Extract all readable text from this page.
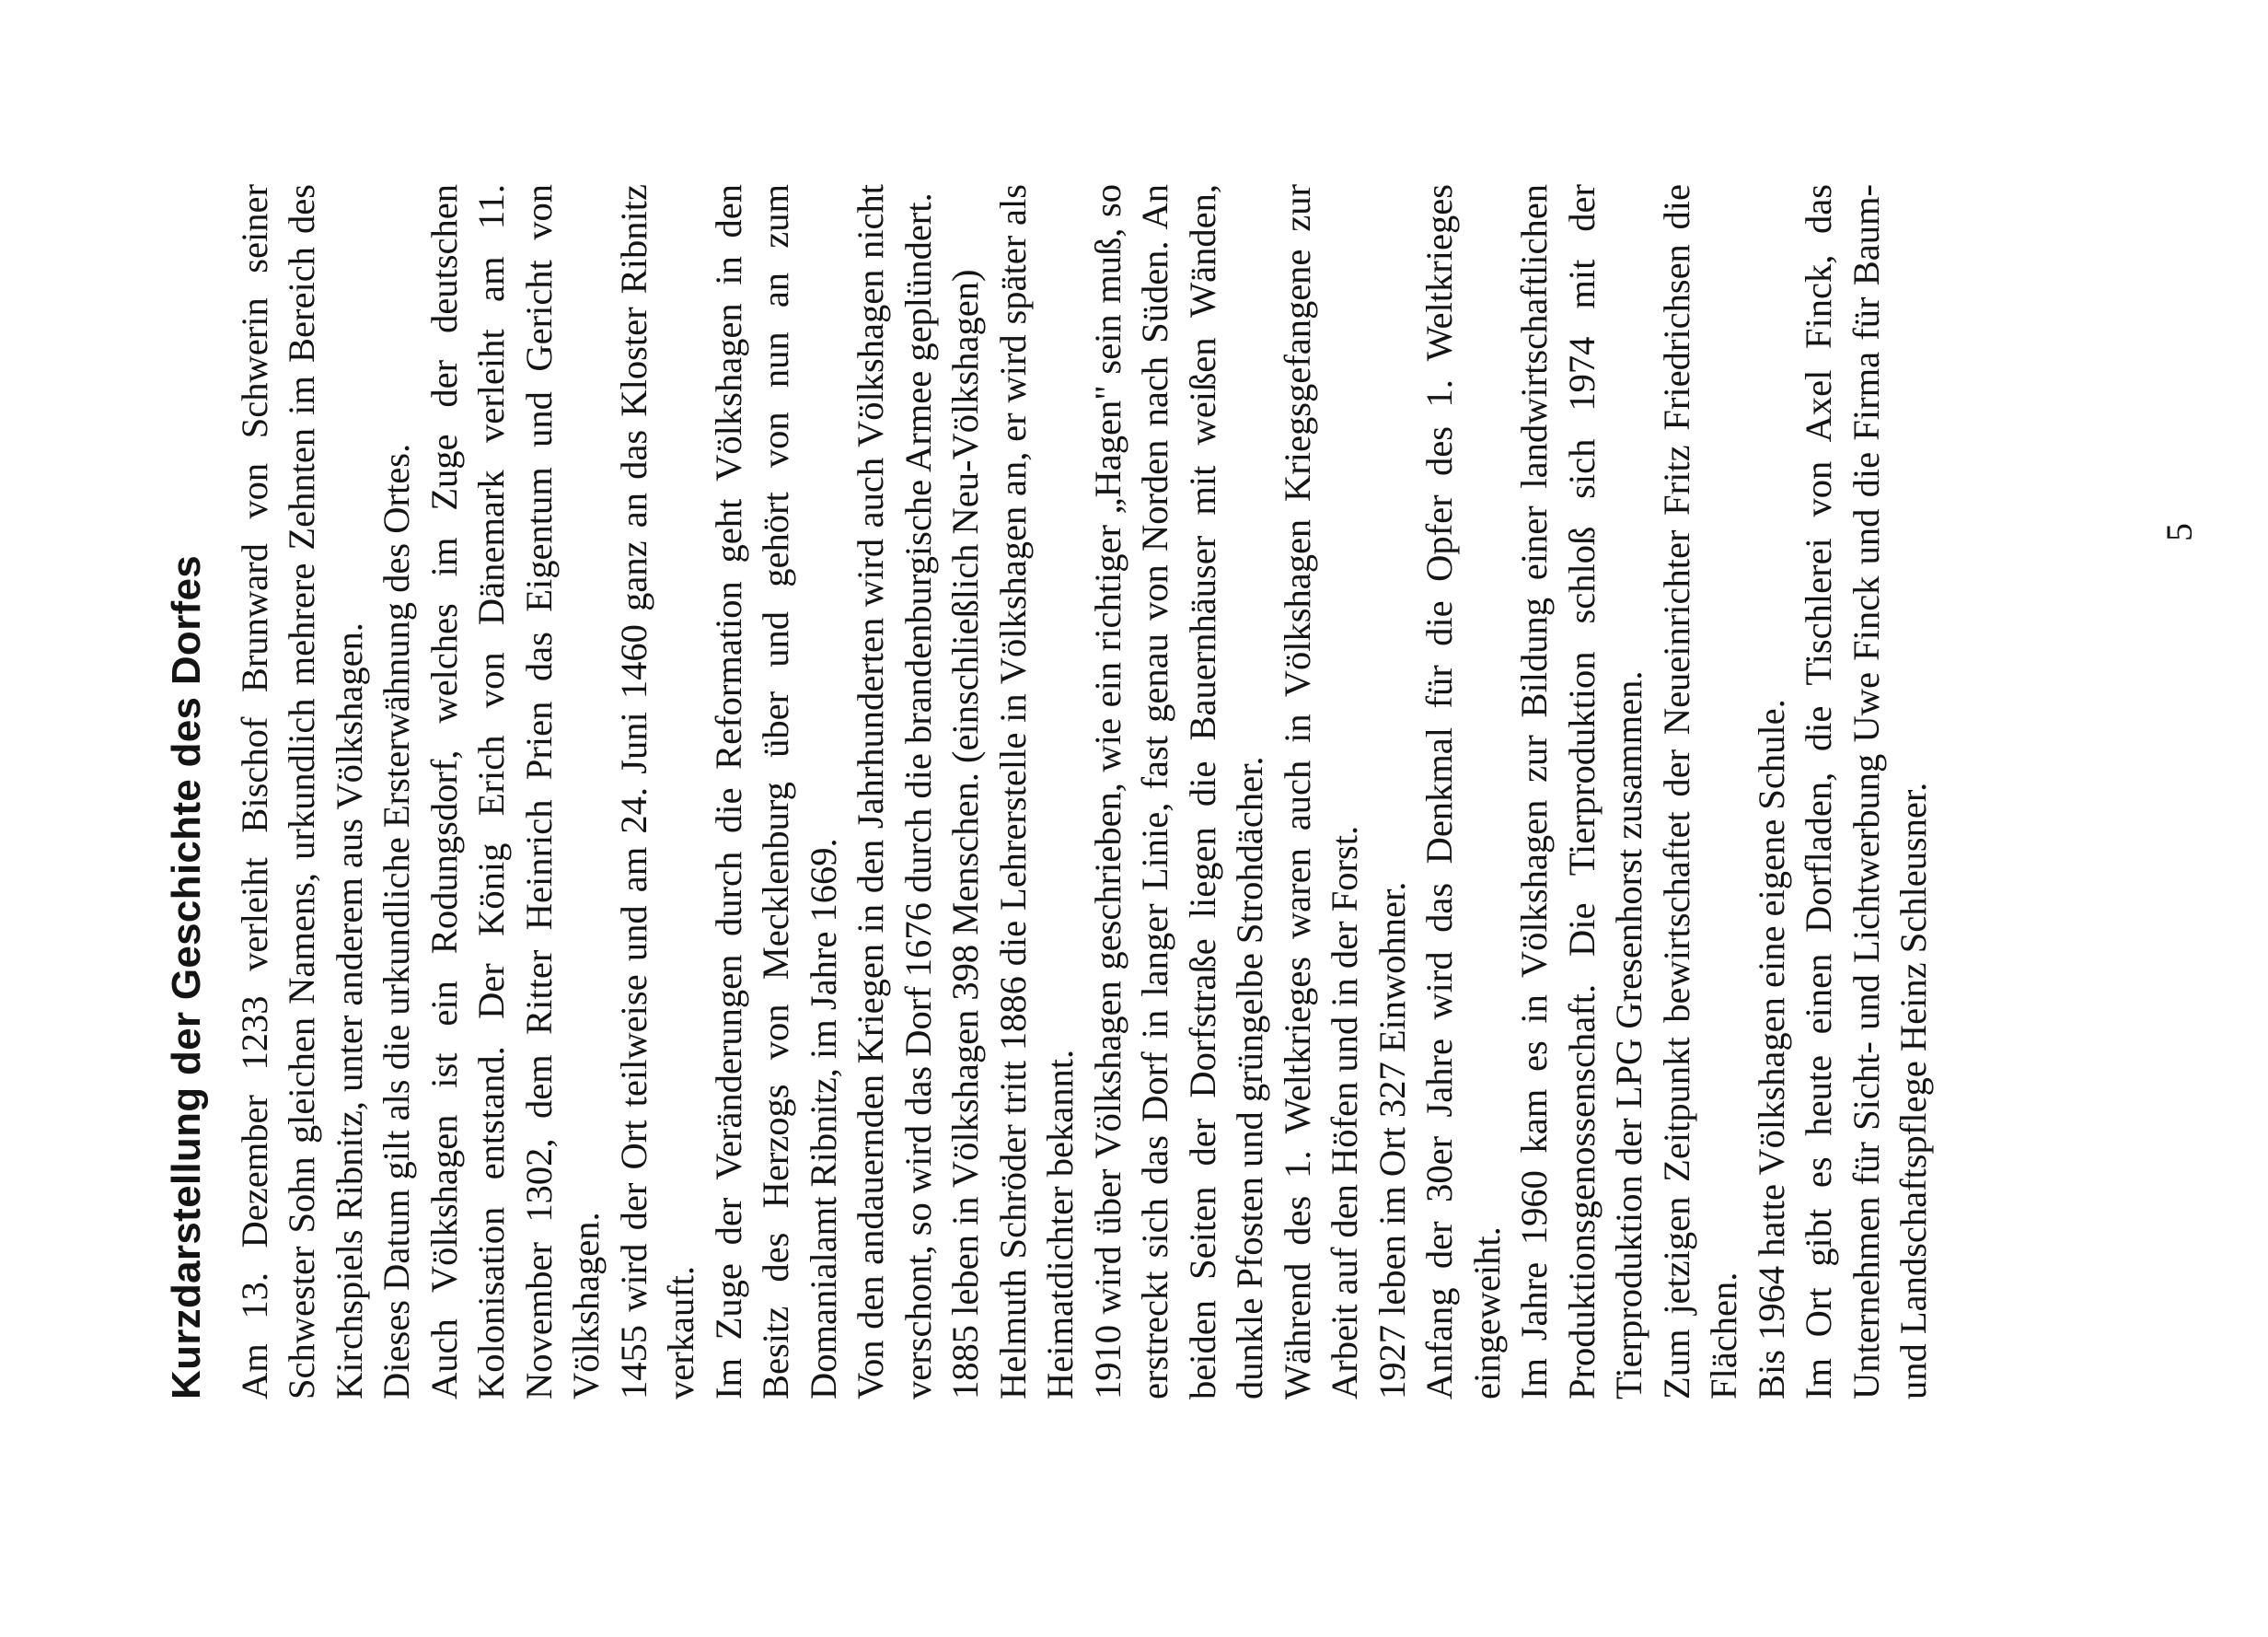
Kurzdarstellung der Geschichte des Dorfes Am 13. Dezember 1233 verleiht Bischof Brunward von Schwerin seiner Schwester Sohn gleichen Namens, urkundlich mehrere Zehnten im Bereich des Kirchspiels Ribnitz, unter anderem aus Völkshagen. Dieses Datum gilt als die urkundliche Ersterwähnung des Ortes. Auch Völkshagen ist ein Rodungsdorf, welches im Zuge der deutschen Kolonisation entstand. Der König Erich von Dänemark verleiht am 11. November 1302, dem Ritter Heinrich Prien das Eigentum und Gericht von Völkshagen. 1455 wird der Ort teilweise und am 24. Juni 1460 ganz an das Kloster Ribnitz verkauft. Im Zuge der Veränderungen durch die Reformation geht Völkshagen in den Besitz des Herzogs von Mecklenburg über und gehört von nun an zum Domanialamt Ribnitz, im Jahre 1669. Von den andauernden Kriegen in den Jahrhunderten wird auch Völkshagen nicht verschont, so wird das Dorf 1676 durch die brandenburgische Armee geplündert. 1885 leben in Völkshagen 398 Menschen. (einschließlich Neu-Völkshagen) Helmuth Schröder tritt 1886 die Lehrerstelle in Völkshagen an, er wird später als Heimatdichter bekannt. 1910 wird über Völkshagen geschrieben, wie ein richtiger „Hagen" sein muß, so erstreckt sich das Dorf in langer Linie, fast genau von Norden nach Süden. An beiden Seiten der Dorfstraße liegen die Bauernhäuser mit weißen Wänden, dunkle Pfosten und grüngelbe Strohdächer. Während des 1. Weltkrieges waren auch in Völkshagen Kriegsgefangene zur Arbeit auf den Höfen und in der Forst. 1927 leben im Ort 327 Einwohner. Anfang der 30er Jahre wird das Denkmal für die Opfer des 1. Weltkrieges eingeweiht. Im Jahre 1960 kam es in Völkshagen zur Bildung einer landwirtschaftlichen Produktionsgenossenschaft. Die Tierproduktion schloß sich 1974 mit der Tierproduktion der LPG Gresenhorst zusammen. Zum jetzigen Zeitpunkt bewirtschaftet der Neueinrichter Fritz Friedrichsen die Flächen. Bis 1964 hatte Völkshagen eine eigene Schule. Im Ort gibt es heute einen Dorfladen, die Tischlerei von Axel Finck, das Unternehmen für Sicht- und Lichtwerbung Uwe Finck und die Firma für Baum- und Landschaftspflege Heinz Schleusner.

5
